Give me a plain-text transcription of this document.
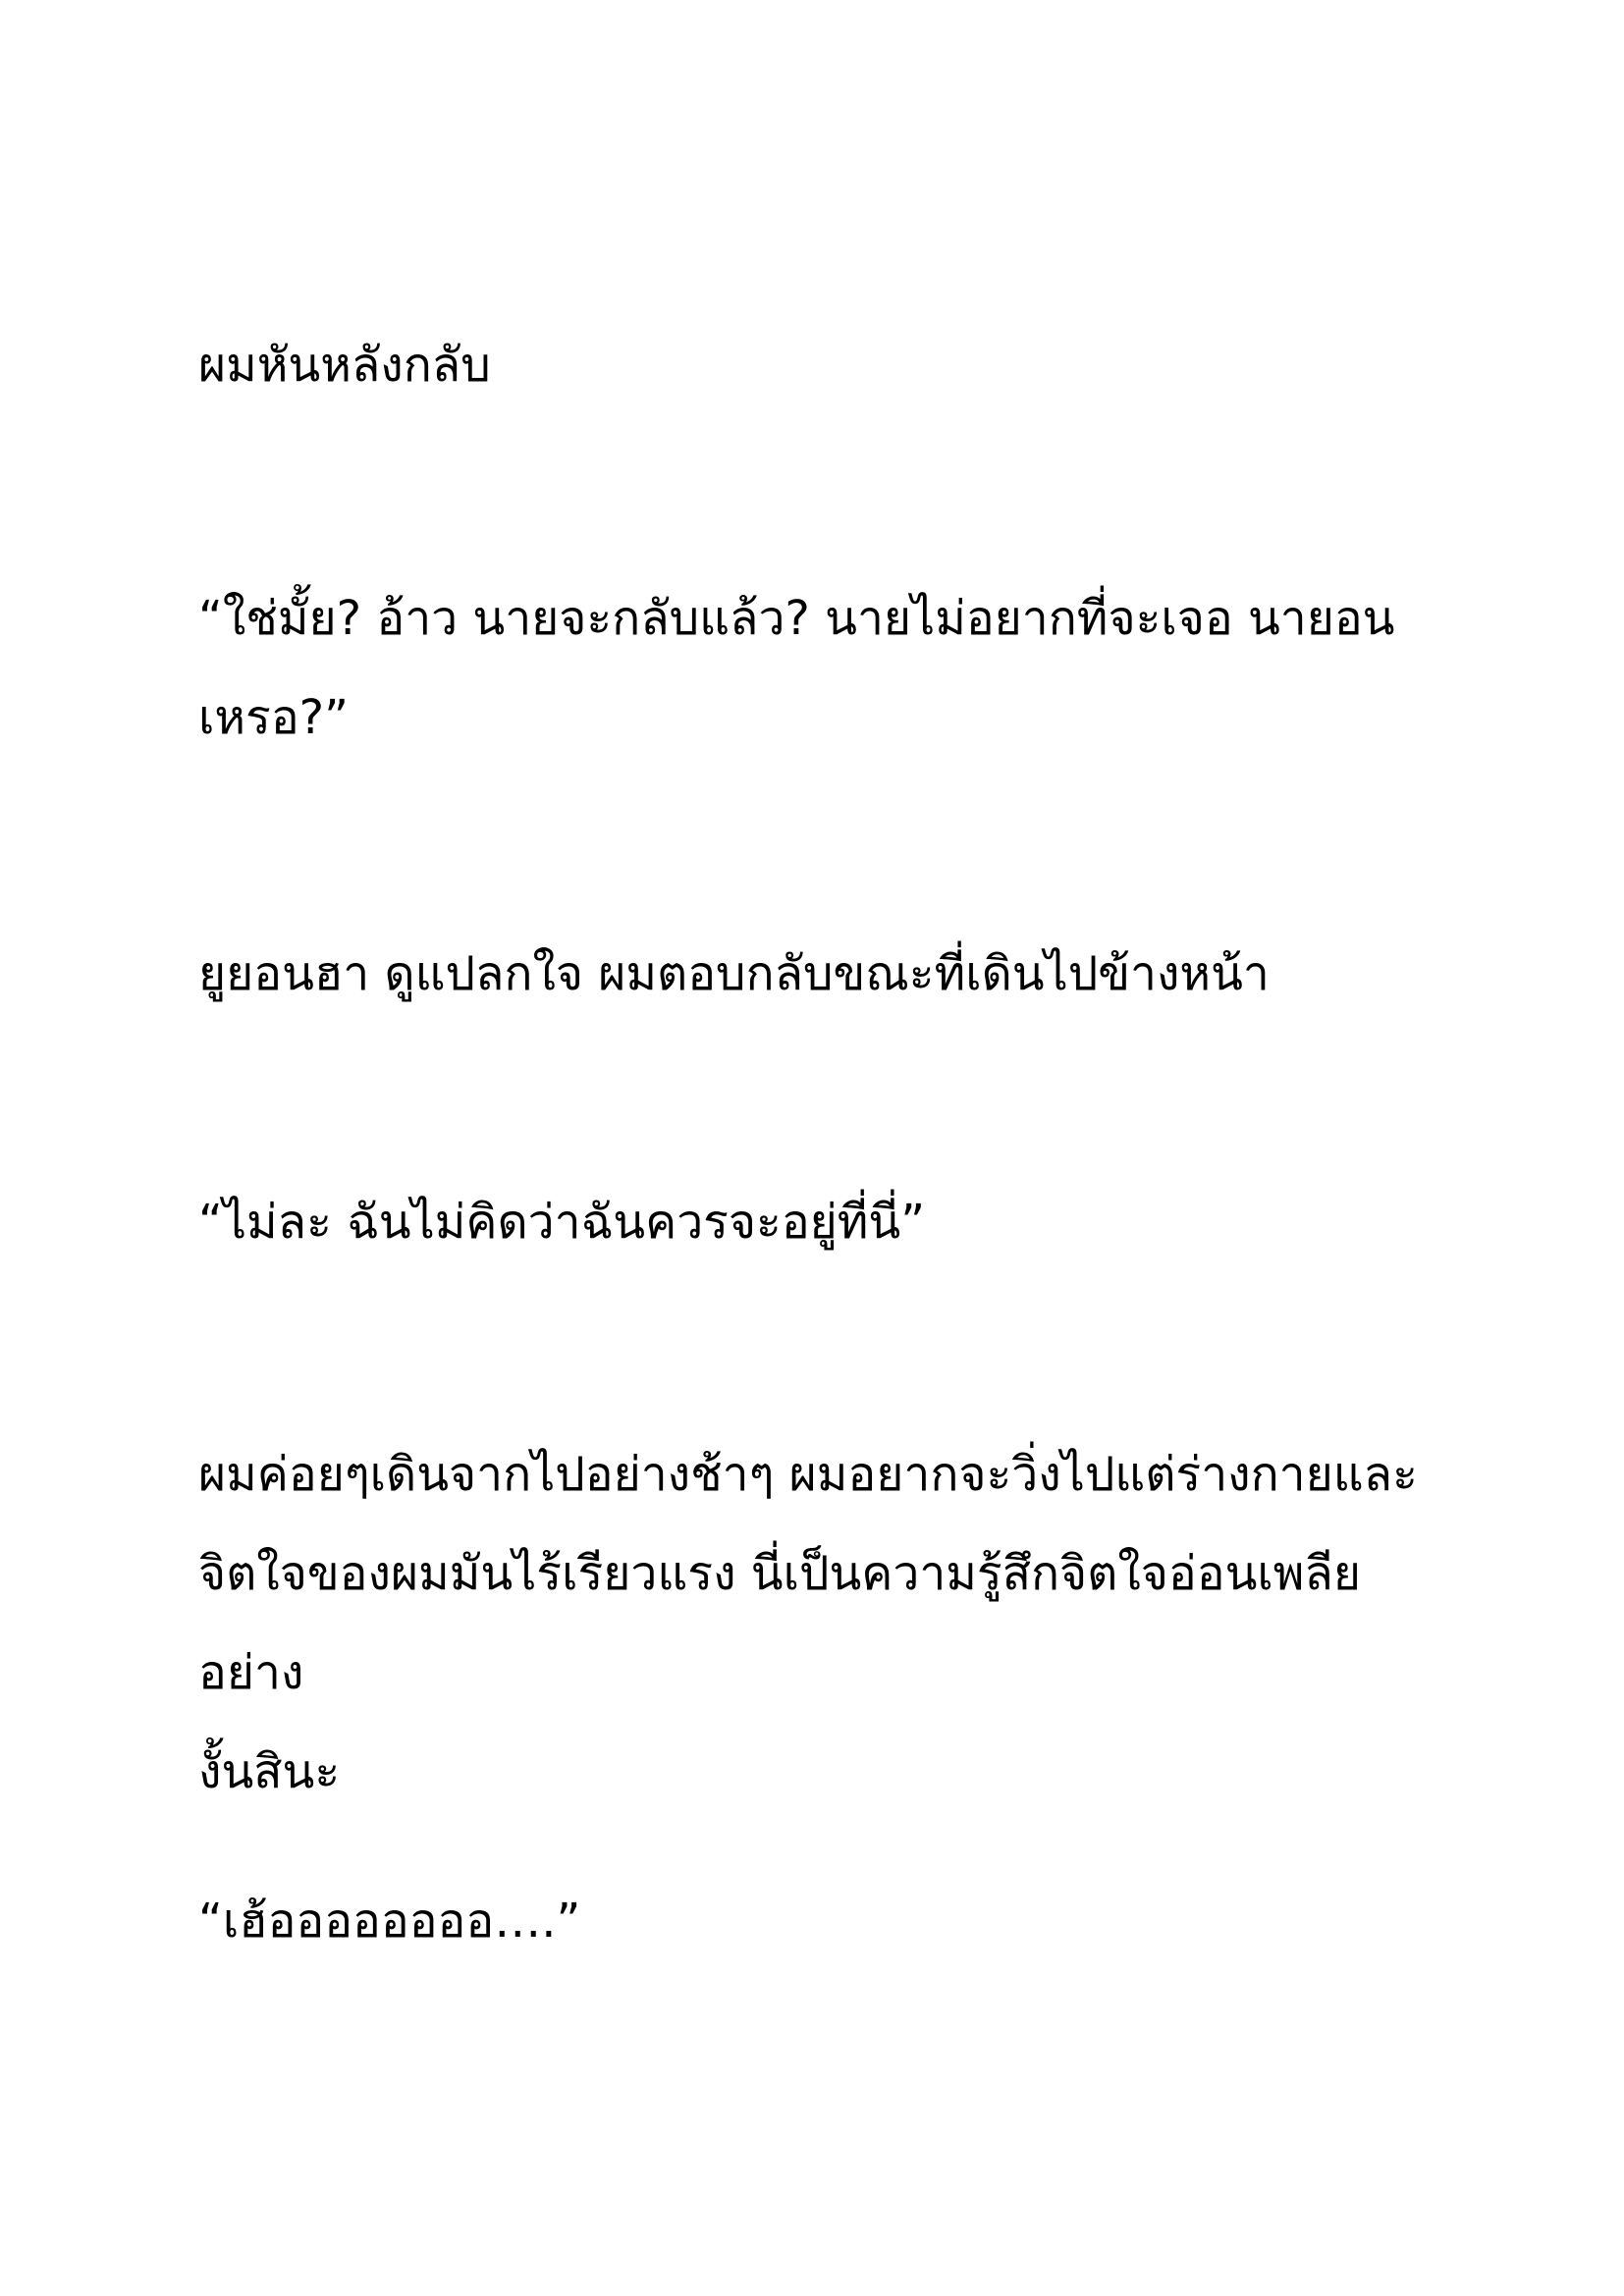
ผมหันหลังกลับ

“ใช่มั้ย? อ้าว นายจะกลับแล้ว? นายไม่อยากที่จะเจอ นายอน
เหรอ?”

ยูยอนฮา ดูแปลกใจ ผมตอบกลับขณะที่เดินไปข้างหน้า

“ไม่ละ ฉันไม่คิดว่าฉันควรจะอยู่ที่นี่”

ผมค่อยๆเดินจากไปอย่างช้าๆ ผมอยากจะวิ่งไปแต่ร่างกายและ
จิตใจของผมมันไร้เรียวแรง นี่เป็นความรู้สึกจิตใจอ่อนเพลียอย่าง
งั้นสินะ

“เฮ้ออออออออ….”
